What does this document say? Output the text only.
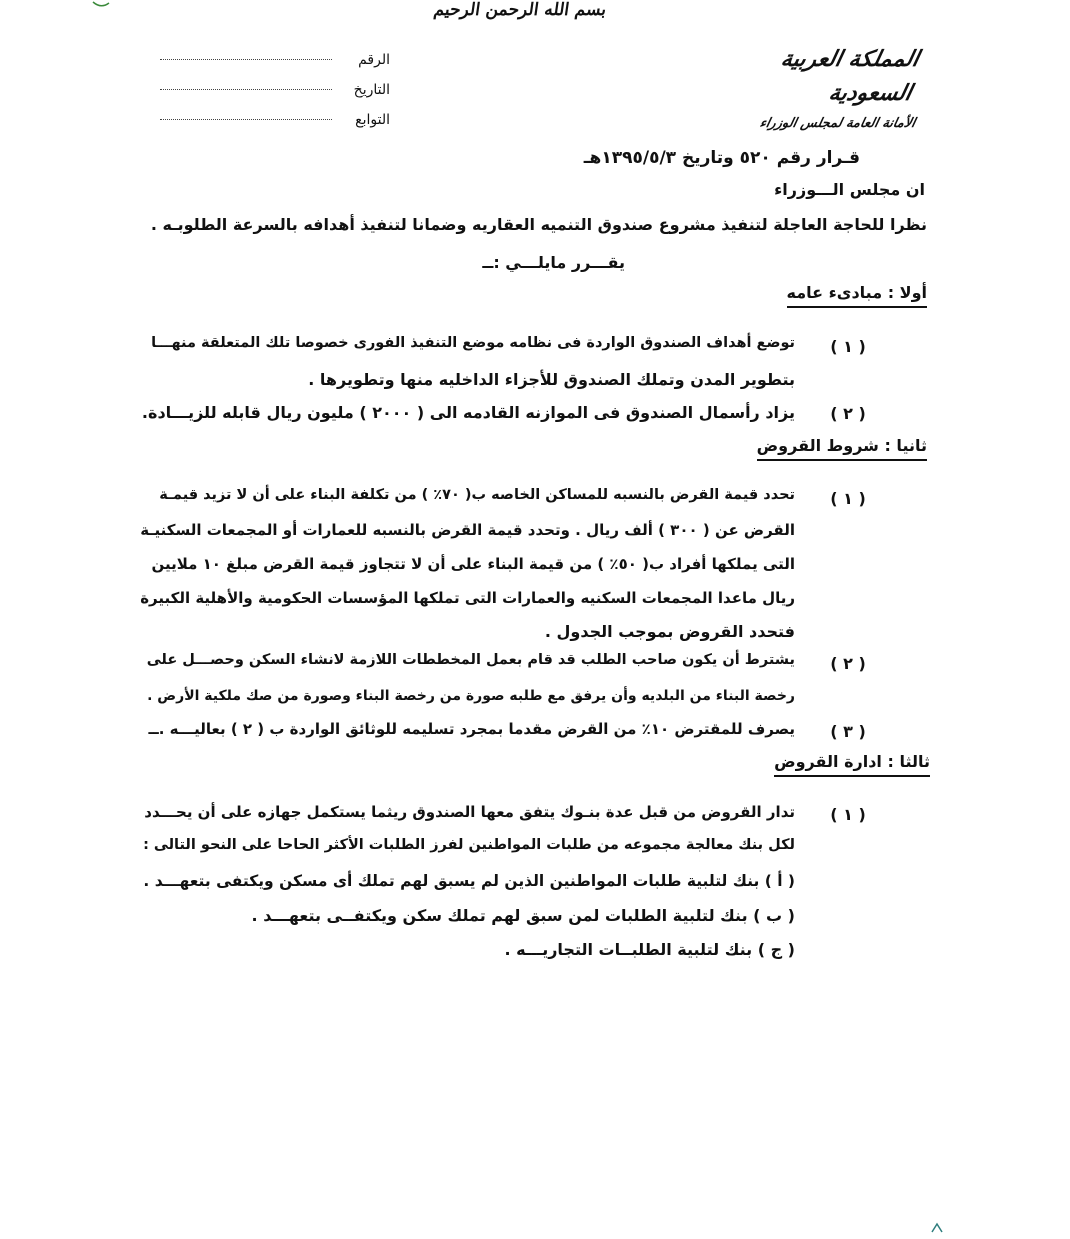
بسم الله الرحمن الرحيم
المملكة العربية السعودية
الأمانة العامة لمجلس الوزراء
الرقم
التاريخ
التوابع
قـرار رقم ٥٢٠ وتاريخ ١٣٩٥/٥/٣هـ
ان مجلس الـــوزراء
نظرا للحاجة العاجلة لتنفيذ مشروع صندوق التنميه العقاريه وضمانا لتنفيذ أهدافه بالسرعة الطلوبـه .
يقـــرر مايلـــي :ــ
أولا : مبادىء عامه
( ١ )
توضع أهداف الصندوق الواردة فى نظامه موضع التنفيذ الفورى خصوصا تلك المتعلقة منهـــا
بتطوير المدن وتملك الصندوق للأجزاء الداخليه منها وتطويرها .
( ٢ )
يزاد رأسمال الصندوق فى الموازنه القادمه الى ( ٢٠٠٠ ) مليون ريال قابله للزيـــادة.
ثانيا : شروط القروض
( ١ )
تحدد قيمة القرض بالنسبه للمساكن الخاصه ب( ٧٠٪ ) من تكلفة البناء على أن لا تزيد قيمـة
القرض عن ( ٣٠٠ ) ألف ريال . وتحدد قيمة القرض بالنسبه للعمارات أو المجمعات السكنيـة
التى يملكها أفراد ب( ٥٠٪ ) من قيمة البناء على أن لا تتجاوز قيمة القرض مبلغ ١٠ ملايين
ريال ماعدا المجمعات السكنيه والعمارات التى تملكها المؤسسات الحكومية والأهلية الكبيرة
فتحدد القروض بموجب الجدول .
( ٢ )
يشترط أن يكون صاحب الطلب قد قام بعمل المخططات اللازمة لانشاء السكن وحصـــل على
رخصة البناء من البلديه وأن يرفق مع طلبه صورة من رخصة البناء وصورة من صك ملكية الأرض .
( ٣ )
يصرف للمقترض ١٠٪ من القرض مقدما بمجرد تسليمه للوثائق الواردة ب ( ٢ ) بعاليـــه .ــ
ثالثا : ادارة القروض
( ١ )
تدار القروض من قبل عدة بنـوك يتفق معها الصندوق ريثما يستكمل جهازه على أن يحـــدد
لكل بنك معالجة مجموعه من طلبات المواطنين لفرز الطلبات الأكثر الحاحا على النحو التالى :
( أ ) بنك لتلبية طلبات المواطنين الذين لم يسبق لهم تملك أى مسكن ويكتفى بتعهـــد .
( ب ) بنك لتلبية الطلبات لمن سبق لهم تملك سكن ويكتفــى بتعهـــد .
( ج ) بنك لتلبية الطلبــات التجاريـــه .
